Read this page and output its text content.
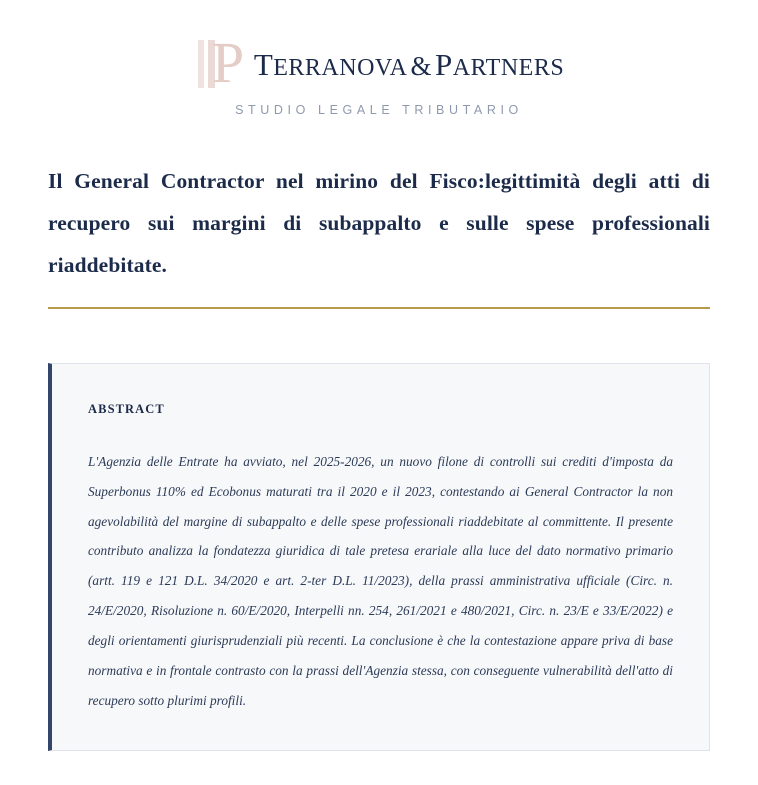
P TERRANOVA &PARTNERS
STUDIO LEGALE TRIBUTARIO
Il General Contractor nel mirino del Fisco:legittimità degli atti di recupero sui margini di subappalto e sulle spese professionali riaddebitate.
ABSTRACT
L'Agenzia delle Entrate ha avviato, nel 2025-2026, un nuovo filone di controlli sui crediti d'imposta da Superbonus 110% ed Ecobonus maturati tra il 2020 e il 2023, contestando ai General Contractor la non agevolabilità del margine di subappalto e delle spese professionali riaddebitate al committente. Il presente contributo analizza la fondatezza giuridica di tale pretesa erariale alla luce del dato normativo primario (artt. 119 e 121 D.L. 34/2020 e art. 2-ter D.L. 11/2023), della prassi amministrativa ufficiale (Circ. n. 24/E/2020, Risoluzione n. 60/E/2020, Interpelli nn. 254, 261/2021 e 480/2021, Circ. n. 23/E e 33/E/2022) e degli orientamenti giurisprudenziali più recenti. La conclusione è che la contestazione appare priva di base normativa e in frontale contrasto con la prassi dell'Agenzia stessa, con conseguente vulnerabilità dell'atto di recupero sotto plurimi profili.
